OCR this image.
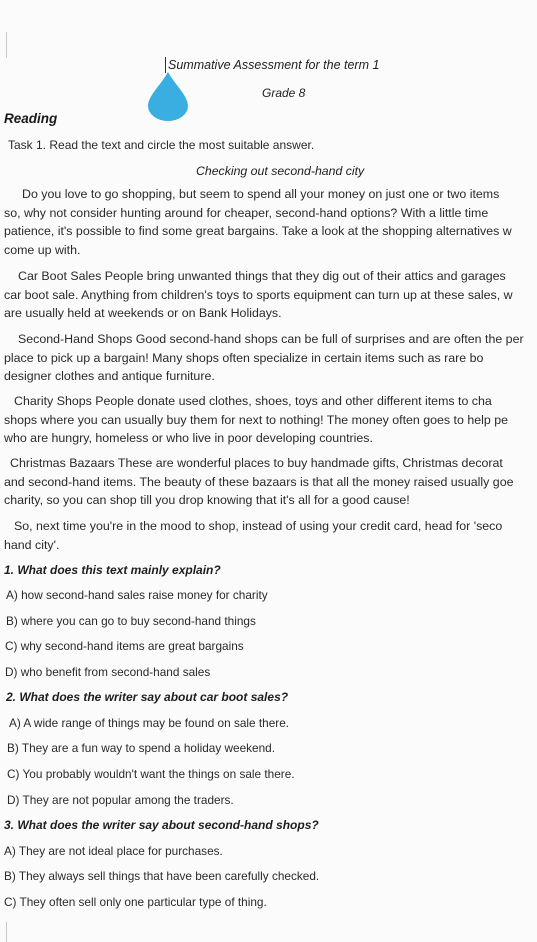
Summative Assessment for the term 1
Grade 8
Reading
Task 1. Read the text and circle the most suitable answer.
Checking out second-hand city
Do you love to go shopping, but seem to spend all your money on just one or two items
so, why not consider hunting around for cheaper, second-hand options? With a little time
patience, it's possible to find some great bargains. Take a look at the shopping alternatives w
come up with.
Car Boot Sales People bring unwanted things that they dig out of their attics and garages
car boot sale. Anything from children's toys to sports equipment can turn up at these sales, w
are usually held at weekends or on Bank Holidays.
Second-Hand Shops Good second-hand shops can be full of surprises and are often the per
place to pick up a bargain! Many shops often specialize in certain items such as rare bo
designer clothes and antique furniture.
Charity Shops People donate used clothes, shoes, toys and other different items to cha
shops where you can usually buy them for next to nothing! The money often goes to help pe
who are hungry, homeless or who live in poor developing countries.
Christmas Bazaars These are wonderful places to buy handmade gifts, Christmas decorat
and second-hand items. The beauty of these bazaars is that all the money raised usually goe
charity, so you can shop till you drop knowing that it's all for a good cause!
So, next time you're in the mood to shop, instead of using your credit card, head for 'seco
hand city'.
1. What does this text mainly explain?
A) how second-hand sales raise money for charity
B) where you can go to buy second-hand things
C) why second-hand items are great bargains
D) who benefit from second-hand sales
2. What does the writer say about car boot sales?
A) A wide range of things may be found on sale there.
B) They are a fun way to spend a holiday weekend.
C) You probably wouldn't want the things on sale there.
D) They are not popular among the traders.
3. What does the writer say about second-hand shops?
A) They are not ideal place for purchases.
B) They always sell things that have been carefully checked.
C) They often sell only one particular type of thing.
